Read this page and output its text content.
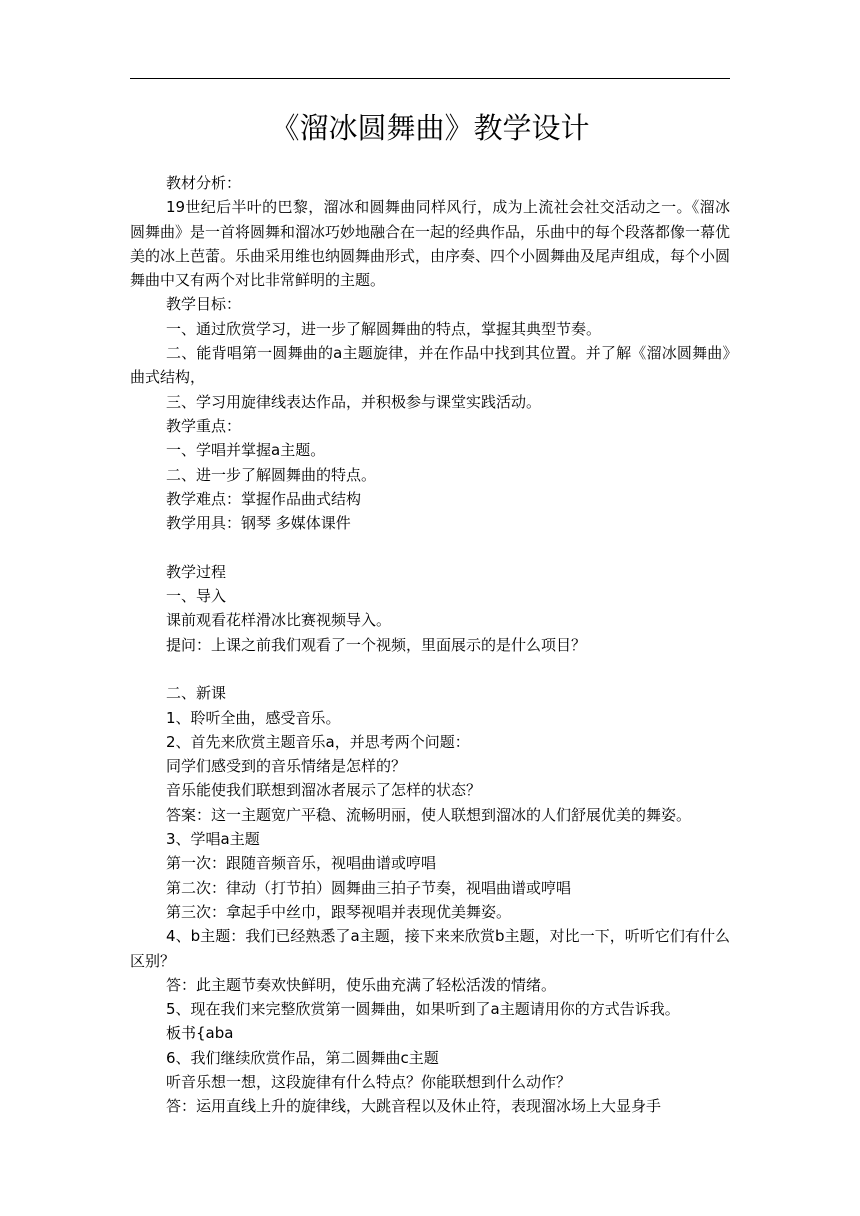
《溜冰圆舞曲》教学设计

教材分析：

19世纪后半叶的巴黎，溜冰和圆舞曲同样风行，成为上流社会社交活动之一。《溜冰圆舞曲》是一首将圆舞和溜冰巧妙地融合在一起的经典作品，乐曲中的每个段落都像一幕优美的冰上芭蕾。乐曲采用维也纳圆舞曲形式，由序奏、四个小圆舞曲及尾声组成，每个小圆舞曲中又有两个对比非常鲜明的主题。

教学目标：

一、通过欣赏学习，进一步了解圆舞曲的特点，掌握其典型节奏。

二、能背唱第一圆舞曲的a主题旋律，并在作品中找到其位置。并了解《溜冰圆舞曲》曲式结构，

三、学习用旋律线表达作品，并积极参与课堂实践活动。

教学重点：

一、学唱并掌握a主题。

二、进一步了解圆舞曲的特点。

教学难点：掌握作品曲式结构

教学用具：钢琴 多媒体课件

教学过程

一、导入

课前观看花样滑冰比赛视频导入。

提问：上课之前我们观看了一个视频，里面展示的是什么项目？

二、新课

1、聆听全曲，感受音乐。

2、首先来欣赏主题音乐a，并思考两个问题：

同学们感受到的音乐情绪是怎样的？

音乐能使我们联想到溜冰者展示了怎样的状态？

答案：这一主题宽广平稳、流畅明丽，使人联想到溜冰的人们舒展优美的舞姿。

3、学唱a主题

第一次：跟随音频音乐，视唱曲谱或哼唱

第二次：律动（打节拍）圆舞曲三拍子节奏，视唱曲谱或哼唱

第三次：拿起手中丝巾，跟琴视唱并表现优美舞姿。

4、b主题：我们已经熟悉了a主题，接下来来欣赏b主题，对比一下，听听它们有什么区别？

答：此主题节奏欢快鲜明，使乐曲充满了轻松活泼的情绪。

5、现在我们来完整欣赏第一圆舞曲，如果听到了a主题请用你的方式告诉我。

板书{aba

6、我们继续欣赏作品，第二圆舞曲c主题

听音乐想一想，这段旋律有什么特点？你能联想到什么动作？

答：运用直线上升的旋律线，大跳音程以及休止符，表现溜冰场上大显身手
